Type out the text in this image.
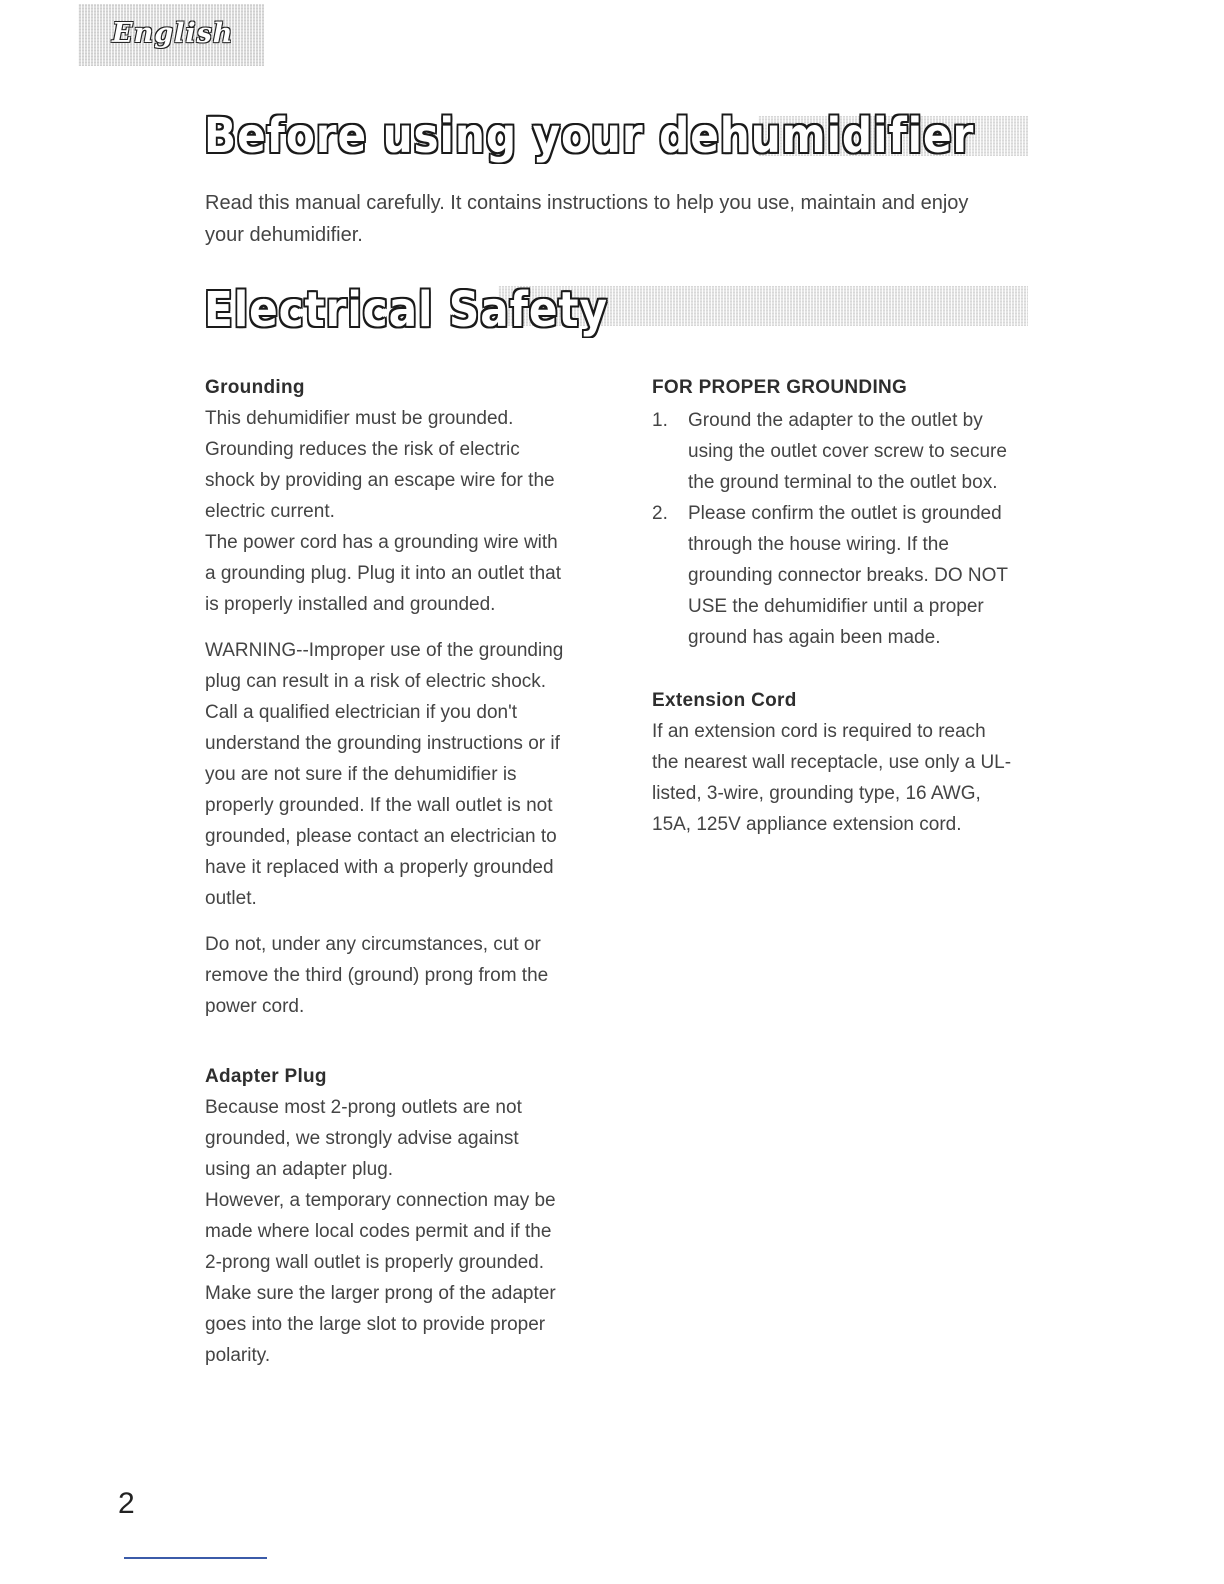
English
Before using your dehumidifier

Read this manual carefully. It contains instructions to help you use, maintain and enjoy your dehumidifier.

Electrical Safety
Grounding

This dehumidifier must be grounded. Grounding reduces the risk of electric shock by providing an escape wire for the electric current.

The power cord has a grounding wire with a grounding plug. Plug it into an outlet that is properly installed and grounded.

WARNING--Improper use of the grounding plug can result in a risk of electric shock. Call a qualified electrician if you don't understand the grounding instructions or if you are not sure if the dehumidifier is properly grounded. If the wall outlet is not grounded, please contact an electrician to have it replaced with a properly grounded outlet.

Do not, under any circumstances, cut or remove the third (ground) prong from the power cord.

Adapter Plug

Because most 2-prong outlets are not grounded, we strongly advise against using an adapter plug.

However, a temporary connection may be made where local codes permit and if the 2-prong wall outlet is properly grounded. Make sure the larger prong of the adapter goes into the large slot to provide proper polarity.

FOR PROPER GROUNDING
1. Ground the adapter to the outlet by using the outlet cover screw to secure the ground terminal to the outlet box.
2. Please confirm the outlet is grounded through the house wiring. If the grounding connector breaks. DO NOT USE the dehumidifier until a proper ground has again been made.
Extension Cord

If an extension cord is required to reach the nearest wall receptacle, use only a UL-listed, 3-wire, grounding type, 16 AWG, 15A, 125V appliance extension cord.

2
